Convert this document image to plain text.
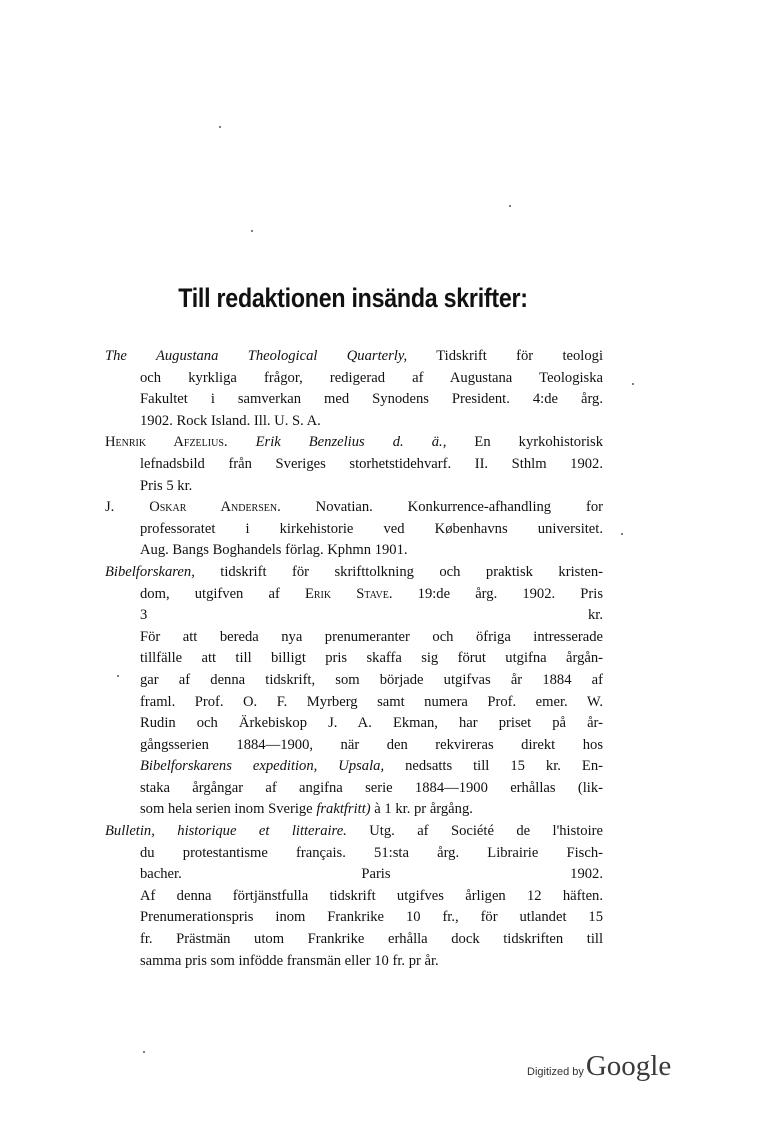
Till redaktionen insända skrifter:
The Augustana Theological Quarterly, Tidskrift för teologi
och kyrkliga frågor, redigerad af Augustana Teologiska
Fakultet i samverkan med Synodens President. 4:de årg.
1902. Rock Island. Ill. U. S. A.
Henrik Afzelius. Erik Benzelius d. ä., En kyrkohistorisk
lefnadsbild från Sveriges storhetstidehvarf. II. Sthlm 1902.
Pris 5 kr.
J. Oskar Andersen. Novatian. Konkurrence-afhandling for
professoratet i kirkehistorie ved Københavns universitet.
Aug. Bangs Boghandels förlag. Kphmn 1901.
Bibelforskaren, tidskrift för skrifttolkning och praktisk kristen-
dom, utgifven af Erik Stave. 19:de årg. 1902. Pris
3 kr.
För att bereda nya prenumeranter och öfriga intresserade
tillfälle att till billigt pris skaffa sig förut utgifna årgån-
gar af denna tidskrift, som började utgifvas år 1884 af
framl. Prof. O. F. Myrberg samt numera Prof. emer. W.
Rudin och Ärkebiskop J. A. Ekman, har priset på år-
gångsserien 1884—1900, när den rekvireras direkt hos
Bibelforskarens expedition, Upsala, nedsatts till 15 kr. En-
staka årgångar af angifna serie 1884—1900 erhållas (lik-
som hela serien inom Sverige fraktfritt) à 1 kr. pr årgång.
Bulletin, historique et litteraire. Utg. af Société de l'histoire
du protestantisme français. 51:sta årg. Librairie Fisch-
bacher. Paris 1902.
Af denna förtjänstfulla tidskrift utgifves årligen 12 häften.
Prenumerationspris inom Frankrike 10 fr., för utlandet 15
fr. Prästmän utom Frankrike erhålla dock tidskriften till
samma pris som infödde fransmän eller 10 fr. pr år.
Digitized by Google
